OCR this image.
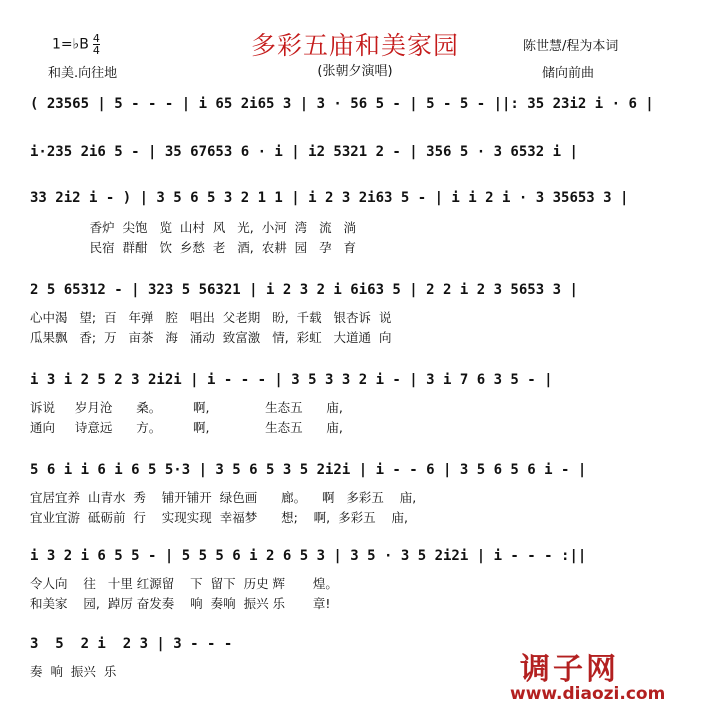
1=♭B $\frac{4}{4}$
和美.向往地
多彩五庙和美家园
(张朝夕演唱)
陈世慧/程为本词
储向前曲
( 23565 | 5 - - - | i 65 2i65 3 | 3 · 56 5 - | 5 - 5 - ||: 35 23i2 i · 6 |
i·235 2i6 5 - | 35 67653 6 · i | i2 5321 2 - | 356 5 · 3 6532 i |
33 2i2 i - ) | 3 5 6 5 3 2 1 1 | i 2 3 2i63 5 - | i i 2 i · 3 35653 3 |
香炉  尖饱   览  山村  风   光,  小河  湾   流   淌
民宿  群酣   饮  乡愁  老   酒,  农耕  园   孕   育
2 5 65312 - | 323 5 56321 | i 2 3 2 i 6i63 5 | 2 2 i 2 3 5653 3 |
心中渴   望;  百   年弹   腔   唱出  父老期   盼,  千载   银杏诉  说
瓜果飘   香;  万   亩茶   海   涌动  致富激   情,  彩虹   大道通  向
i 3 i 2 5 2 3 2i2i | i - - - | 3 5 3 3 2 i - | 3 i 7 6 3 5 - |
诉说     岁月沧      桑。        啊,              生态五      庙,
通向     诗意远      方。        啊,              生态五      庙,
5 6 i i 6 i 6 5 5·3 | 3 5 6 5 3 5 2i2i | i - - 6 | 3 5 6 5 6 i - |
宜居宜养  山青水  秀    铺开铺开  绿色画      廊。    啊   多彩五    庙,
宜业宜游  砥砺前  行    实现实现  幸福梦      想;    啊,  多彩五    庙,
i 3 2 i 6 5 5 - | 5 5 5 6 i 2 6 5 3 | 3 5 · 3 5 2i2i | i - - - :||
令人向    往   十里 红源留    下  留下  历史 辉       煌。
和美家    园,  踔厉 奋发奏    响  奏响  振兴 乐       章!
3  5  2 i  2 3 | 3 - - -
奏  响  振兴  乐	调子网
www.diaozi.com
